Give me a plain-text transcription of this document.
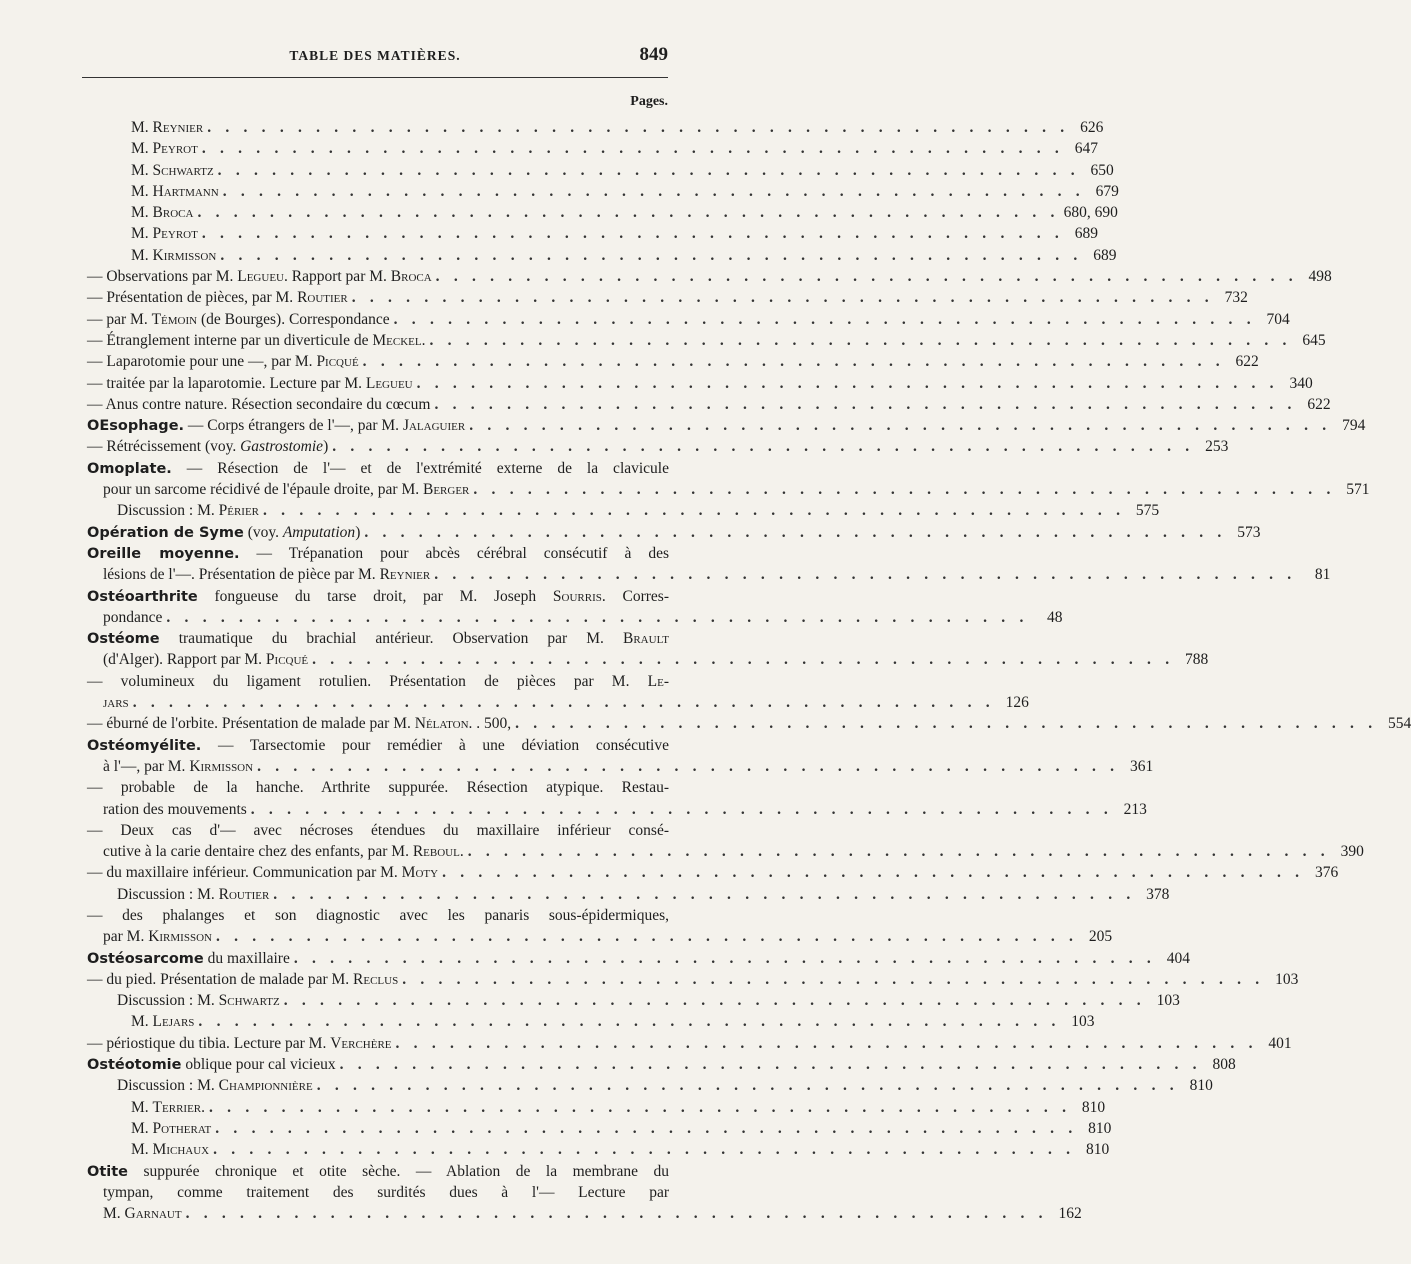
TABLE DES MATIÈRES.	849
Pages.
M. Reynier . . . . . . . . . . . . . . . . . . . . . . . . . . . . . . . . . . . . . . . . . . . . . . . . 626
M. Peyrot . . . . . . . . . . . . . . . . . . . . . . . . . . . . . . . . . . . . . . . . . . . . . . . . 647
M. Schwartz . . . . . . . . . . . . . . . . . . . . . . . . . . . . . . . . . . . . . . . . . . . . . . . . 650
M. Hartmann . . . . . . . . . . . . . . . . . . . . . . . . . . . . . . . . . . . . . . . . . . . . . . . . 679
M. Broca . . . . . . . . . . . . . . . . . . . . . . . . . . . . . . . . . . . . . . . . . . . . . . . . 680, 690
M. Peyrot . . . . . . . . . . . . . . . . . . . . . . . . . . . . . . . . . . . . . . . . . . . . . . . . 689
M. Kirmisson . . . . . . . . . . . . . . . . . . . . . . . . . . . . . . . . . . . . . . . . . . . . . . . . 689
— Observations par M. Legueu. Rapport par M. Broca . . . . . . . . . . . . . . . . . . . . . . . . . . . . . . . . . . . . . . . . . . . . . . . . 498
— Présentation de pièces, par M. Routier . . . . . . . . . . . . . . . . . . . . . . . . . . . . . . . . . . . . . . . . . . . . . . . . 732
— par M. Témoin (de Bourges). Correspondance . . . . . . . . . . . . . . . . . . . . . . . . . . . . . . . . . . . . . . . . . . . . . . . . 704
— Étranglement interne par un diverticule de Meckel. . . . . . . . . . . . . . . . . . . . . . . . . . . . . . . . . . . . . . . . . . . . . . . . . 645
— Laparotomie pour une —, par M. Picqué . . . . . . . . . . . . . . . . . . . . . . . . . . . . . . . . . . . . . . . . . . . . . . . . 622
— traitée par la laparotomie. Lecture par M. Legueu . . . . . . . . . . . . . . . . . . . . . . . . . . . . . . . . . . . . . . . . . . . . . . . . 340
— Anus contre nature. Résection secondaire du cœcum . . . . . . . . . . . . . . . . . . . . . . . . . . . . . . . . . . . . . . . . . . . . . . . . 622
OEsophage. — Corps étrangers de l'—, par M. Jalaguier . . . . . . . . . . . . . . . . . . . . . . . . . . . . . . . . . . . . . . . . . . . . . . . . 794
— Rétrécissement (voy. Gastrostomie) . . . . . . . . . . . . . . . . . . . . . . . . . . . . . . . . . . . . . . . . . . . . . . . . 253
Omoplate. — Résection de l'— et de l'extrémité externe de la clavicule
pour un sarcome récidivé de l'épaule droite, par M. Berger . . . . . . . . . . . . . . . . . . . . . . . . . . . . . . . . . . . . . . . . . . . . . . . . 571
Discussion : M. Périer . . . . . . . . . . . . . . . . . . . . . . . . . . . . . . . . . . . . . . . . . . . . . . . . 575
Opération de Syme (voy. Amputation) . . . . . . . . . . . . . . . . . . . . . . . . . . . . . . . . . . . . . . . . . . . . . . . . 573
Oreille moyenne. — Trépanation pour abcès cérébral consécutif à des
lésions de l'—. Présentation de pièce par M. Reynier . . . . . . . . . . . . . . . . . . . . . . . . . . . . . . . . . . . . . . . . . . . . . . . .	81
Ostéoarthrite fongueuse du tarse droit, par M. Joseph Sourris. Corres-
pondance . . . . . . . . . . . . . . . . . . . . . . . . . . . . . . . . . . . . . . . . . . . . . . . .	48
Ostéome traumatique du brachial antérieur. Observation par M. Brault
(d'Alger). Rapport par M. Picqué . . . . . . . . . . . . . . . . . . . . . . . . . . . . . . . . . . . . . . . . . . . . . . . . 788
— volumineux du ligament rotulien. Présentation de pièces par M. Le-
jars . . . . . . . . . . . . . . . . . . . . . . . . . . . . . . . . . . . . . . . . . . . . . . . . 126
— éburné de l'orbite. Présentation de malade par M. Nélaton. . 500, . . . . . . . . . . . . . . . . . . . . . . . . . . . . . . . . . . . . . . . . . . . . . . . . 554
Ostéomyélite. — Tarsectomie pour remédier à une déviation consécutive
à l'—, par M. Kirmisson . . . . . . . . . . . . . . . . . . . . . . . . . . . . . . . . . . . . . . . . . . . . . . . . 361
— probable de la hanche. Arthrite suppurée. Résection atypique. Restau-
ration des mouvements . . . . . . . . . . . . . . . . . . . . . . . . . . . . . . . . . . . . . . . . . . . . . . . . 213
— Deux cas d'— avec nécroses étendues du maxillaire inférieur consé-
cutive à la carie dentaire chez des enfants, par M. Reboul. . . . . . . . . . . . . . . . . . . . . . . . . . . . . . . . . . . . . . . . . . . . . . . . . 390
— du maxillaire inférieur. Communication par M. Moty . . . . . . . . . . . . . . . . . . . . . . . . . . . . . . . . . . . . . . . . . . . . . . . . 376
Discussion : M. Routier . . . . . . . . . . . . . . . . . . . . . . . . . . . . . . . . . . . . . . . . . . . . . . . . 378
— des phalanges et son diagnostic avec les panaris sous-épidermiques,
par M. Kirmisson . . . . . . . . . . . . . . . . . . . . . . . . . . . . . . . . . . . . . . . . . . . . . . . . 205
Ostéosarcome du maxillaire . . . . . . . . . . . . . . . . . . . . . . . . . . . . . . . . . . . . . . . . . . . . . . . . 404
— du pied. Présentation de malade par M. Reclus . . . . . . . . . . . . . . . . . . . . . . . . . . . . . . . . . . . . . . . . . . . . . . . . 103
Discussion : M. Schwartz . . . . . . . . . . . . . . . . . . . . . . . . . . . . . . . . . . . . . . . . . . . . . . . . 103
M. Lejars . . . . . . . . . . . . . . . . . . . . . . . . . . . . . . . . . . . . . . . . . . . . . . . . 103
— périostique du tibia. Lecture par M. Verchère . . . . . . . . . . . . . . . . . . . . . . . . . . . . . . . . . . . . . . . . . . . . . . . . 401
Ostéotomie oblique pour cal vicieux . . . . . . . . . . . . . . . . . . . . . . . . . . . . . . . . . . . . . . . . . . . . . . . . 808
Discussion : M. Championnière . . . . . . . . . . . . . . . . . . . . . . . . . . . . . . . . . . . . . . . . . . . . . . . . 810
M. Terrier. . . . . . . . . . . . . . . . . . . . . . . . . . . . . . . . . . . . . . . . . . . . . . . . . 810
M. Potherat . . . . . . . . . . . . . . . . . . . . . . . . . . . . . . . . . . . . . . . . . . . . . . . . 810
M. Michaux . . . . . . . . . . . . . . . . . . . . . . . . . . . . . . . . . . . . . . . . . . . . . . . . 810
Otite suppurée chronique et otite sèche. — Ablation de la membrane du
tympan, comme traitement des surdités dues à l'— Lecture par
M. Garnaut . . . . . . . . . . . . . . . . . . . . . . . . . . . . . . . . . . . . . . . . . . . . . . . . 162
